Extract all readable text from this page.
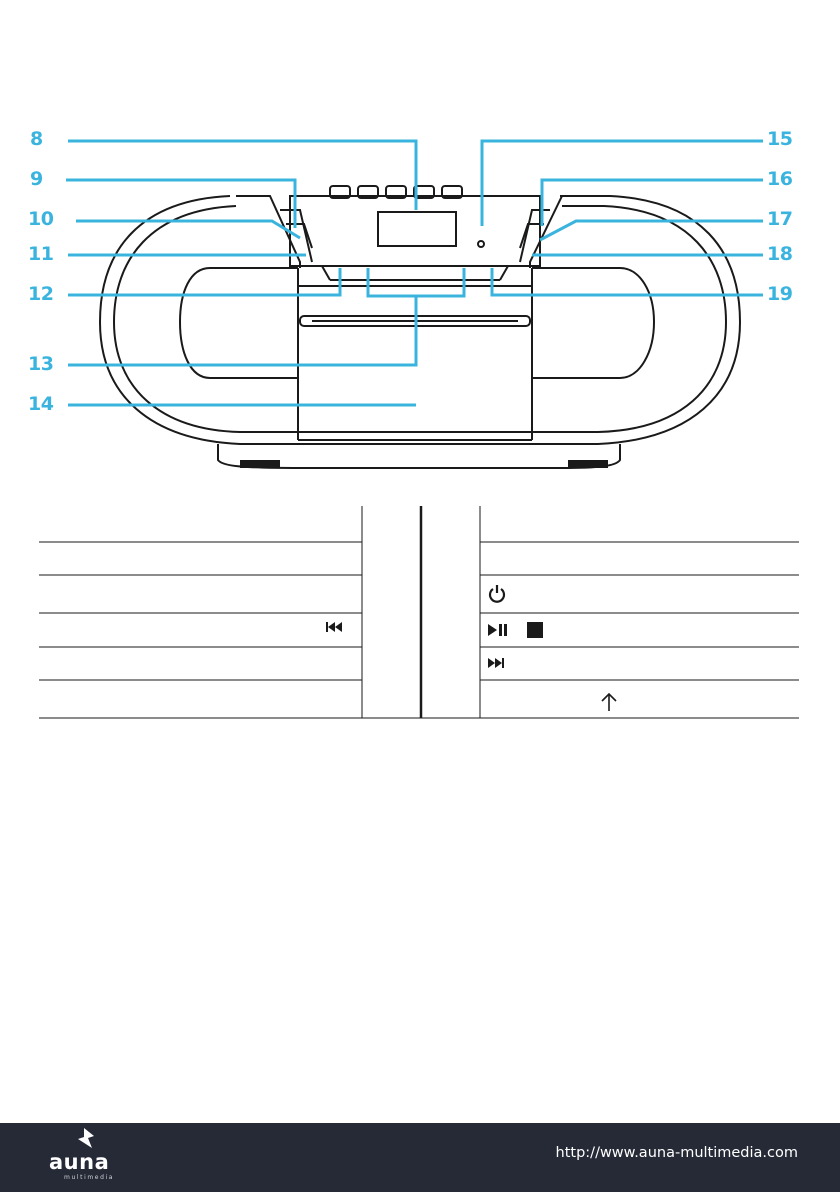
8
9
10
11
12
13
14
15
16
17
18
19
auna
multimedia
http://www.auna-multimedia.com
